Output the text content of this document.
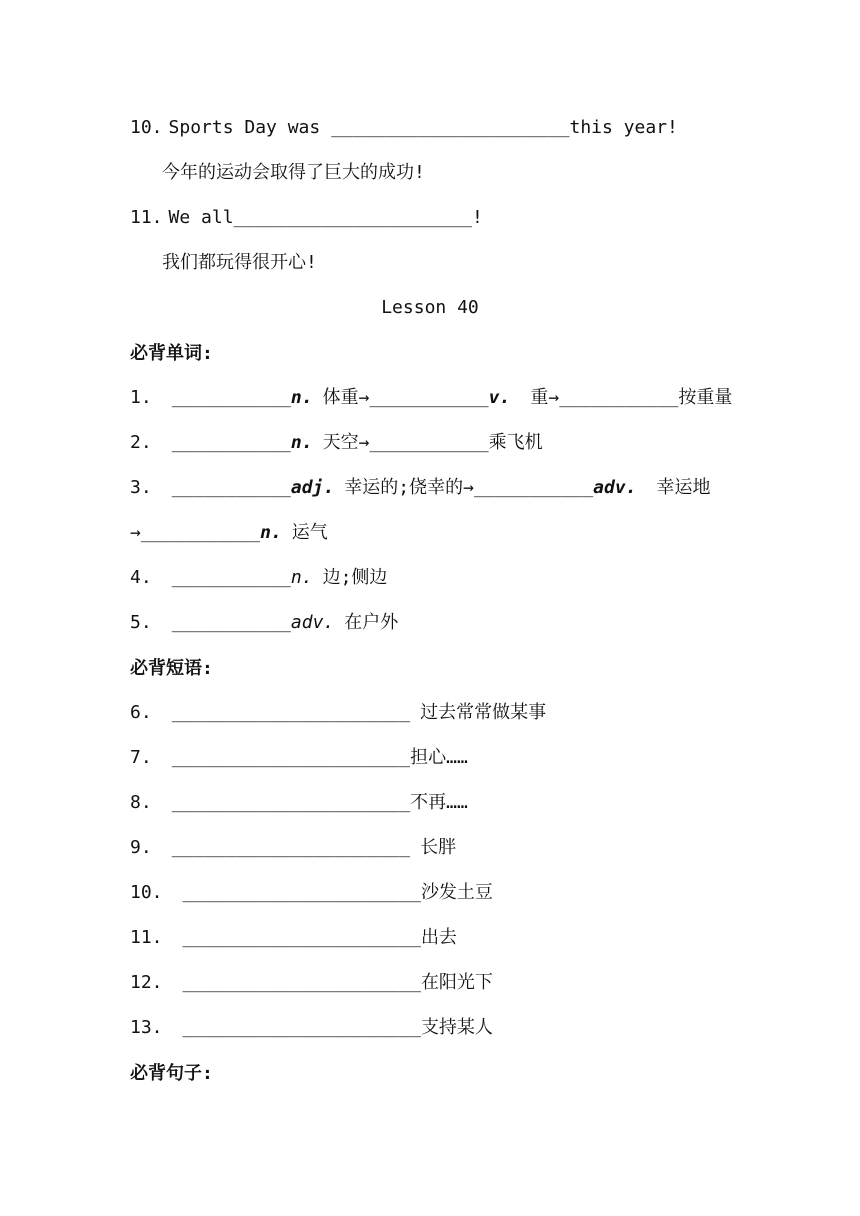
10. Sports Day was ______________________this year!
今年的运动会取得了巨大的成功!
11. We all______________________!
我们都玩得很开心!
Lesson 40
必背单词:
1. ___________n. 体重→___________v. 重→___________按重量
2. ___________n. 天空→___________乘飞机
3. ___________adj. 幸运的;侥幸的→___________adv. 幸运地
→___________n. 运气
4. ___________n. 边;侧边
5. ___________adv. 在户外
必背短语:
6. ______________________ 过去常常做某事
7. ______________________担心……
8. ______________________不再……
9. ______________________ 长胖
10. ______________________沙发土豆
11. ______________________出去
12. ______________________在阳光下
13. ______________________支持某人
必背句子:
